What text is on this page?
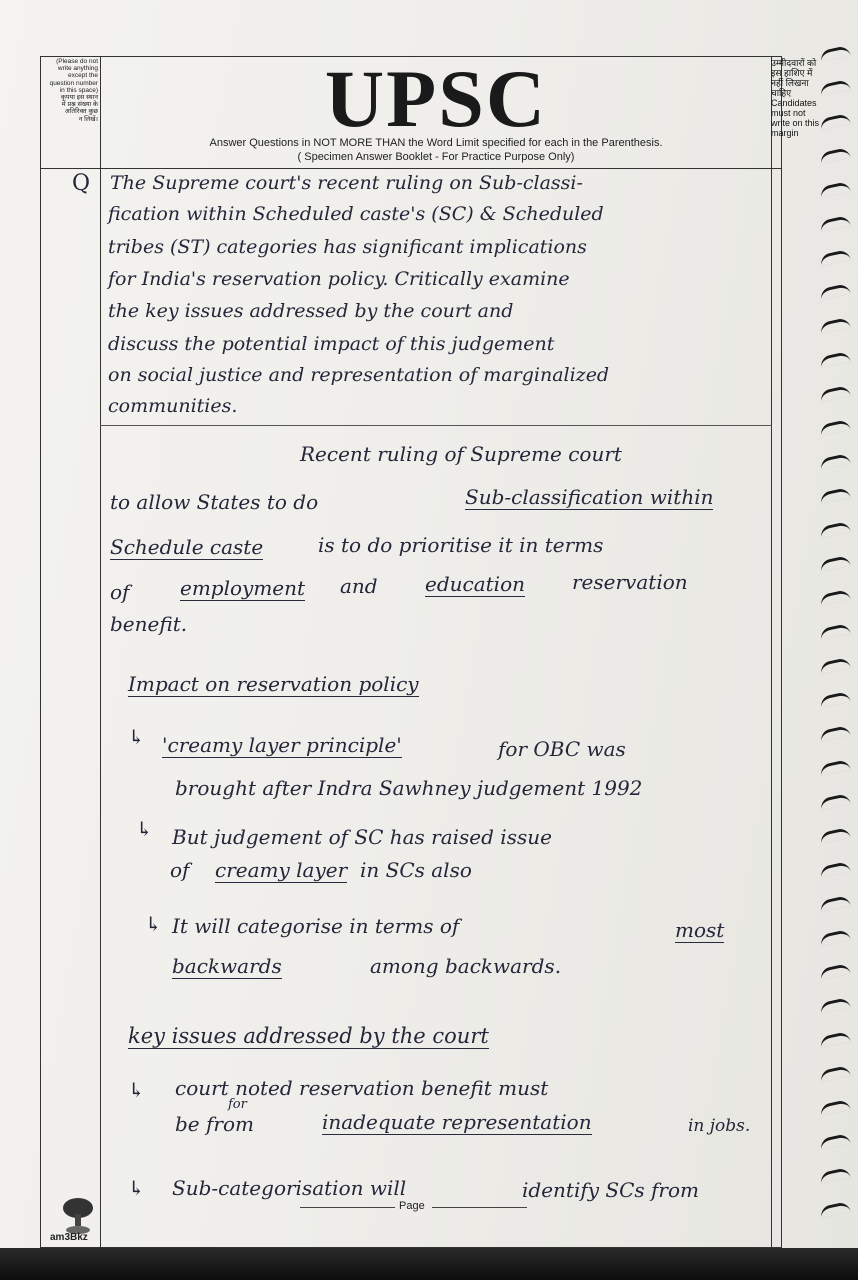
(Please do not
write anything
except the
question number
in this space)
कृपया इस स्थान
में प्रश्न संख्या के
अतिरिक्त कुछ
न लिखें।
उम्मीदवारों को
इस हाशिए में
नहीं लिखना
चाहिए
Candidates
must not
write on this
margin
UPSC
Answer Questions in NOT MORE THAN the Word Limit specified for each in the Parenthesis.
( Specimen Answer Booklet - For Practice Purpose Only)
Q The Supreme court's recent ruling on Sub-classi-
fication within Scheduled caste's (SC) & Scheduled
tribes (ST) categories has significant implications
for India's reservation policy. Critically examine
the key issues addressed by the court and
discuss the potential impact of this judgement
on social justice and representation of marginalized
communities.
Recent ruling of Supreme court
to allow States to do	Sub-classification within
Schedule caste	is to do prioritise it in terms
of	employment and education reservation
benefit.
Impact on reservation policy
↳ 'creamy layer principle'	for OBC was
brought after Indra Sawhney judgement 1992
↳ But judgement of SC has raised issue
of creamy layer in SCs also
↳ It will categorise in terms of	most
backwards	among backwards.
key issues addressed by the court
↳ court noted reservation benefit must
for
be from	inadequate representation	in jobs.
↳ Sub-categorisation will	identify SCs from
Page
am3Bkz
